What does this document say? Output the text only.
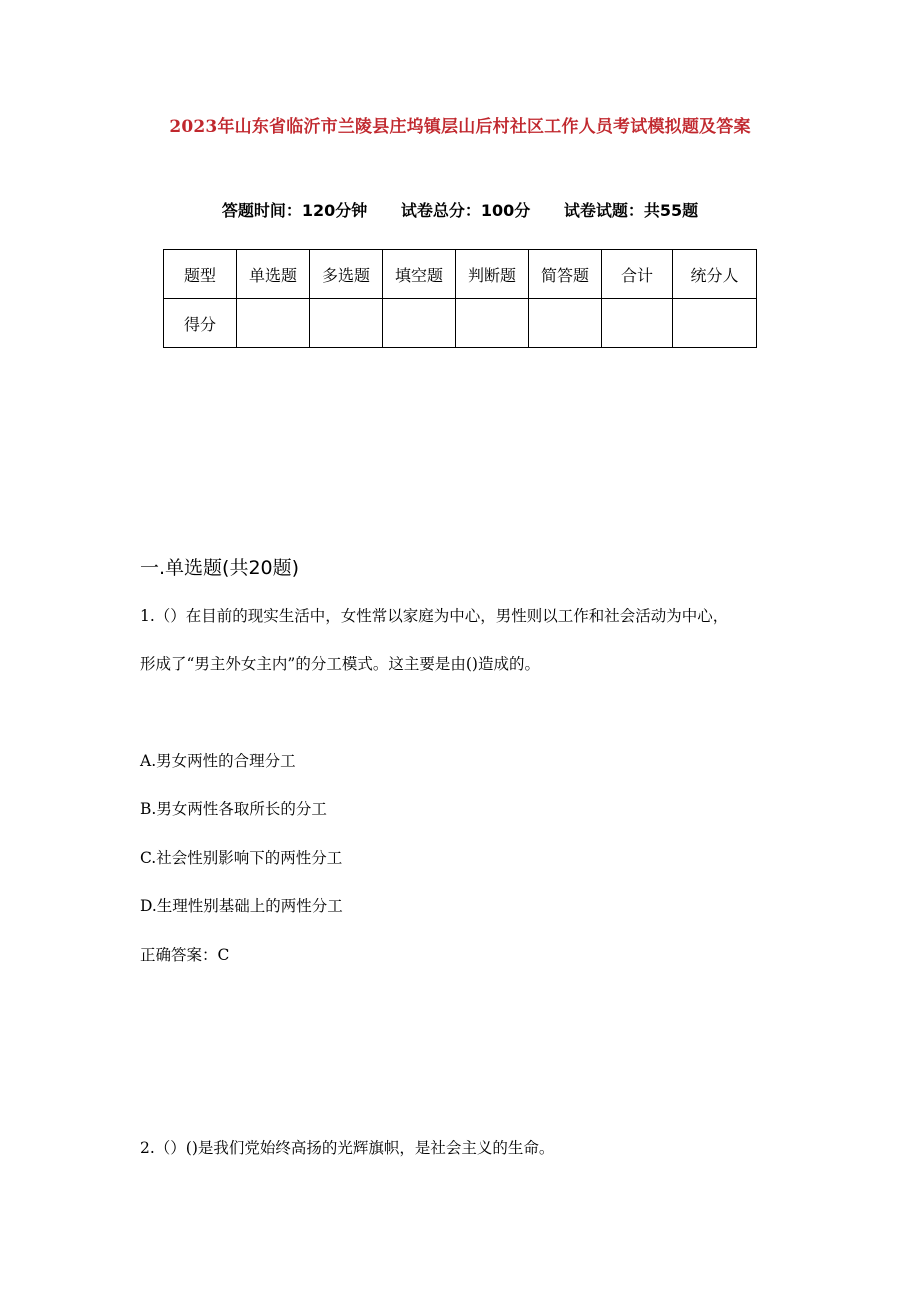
2023年山东省临沂市兰陵县庄坞镇层山后村社区工作人员考试模拟题及答案
答题时间：120分钟 试卷总分：100分 试卷试题：共55题
题型	单选题	多选题	填空题	判断题	简答题	合计	统分人
得分							
一.单选题(共20题)
1.（）在目前的现实生活中，女性常以家庭为中心，男性则以工作和社会活动为中心，
形成了“男主外女主内”的分工模式。这主要是由()造成的。
A.男女两性的合理分工
B.男女两性各取所长的分工
C.社会性别影响下的两性分工
D.生理性别基础上的两性分工
正确答案：C
2.（）()是我们党始终高扬的光辉旗帜，是社会主义的生命。
